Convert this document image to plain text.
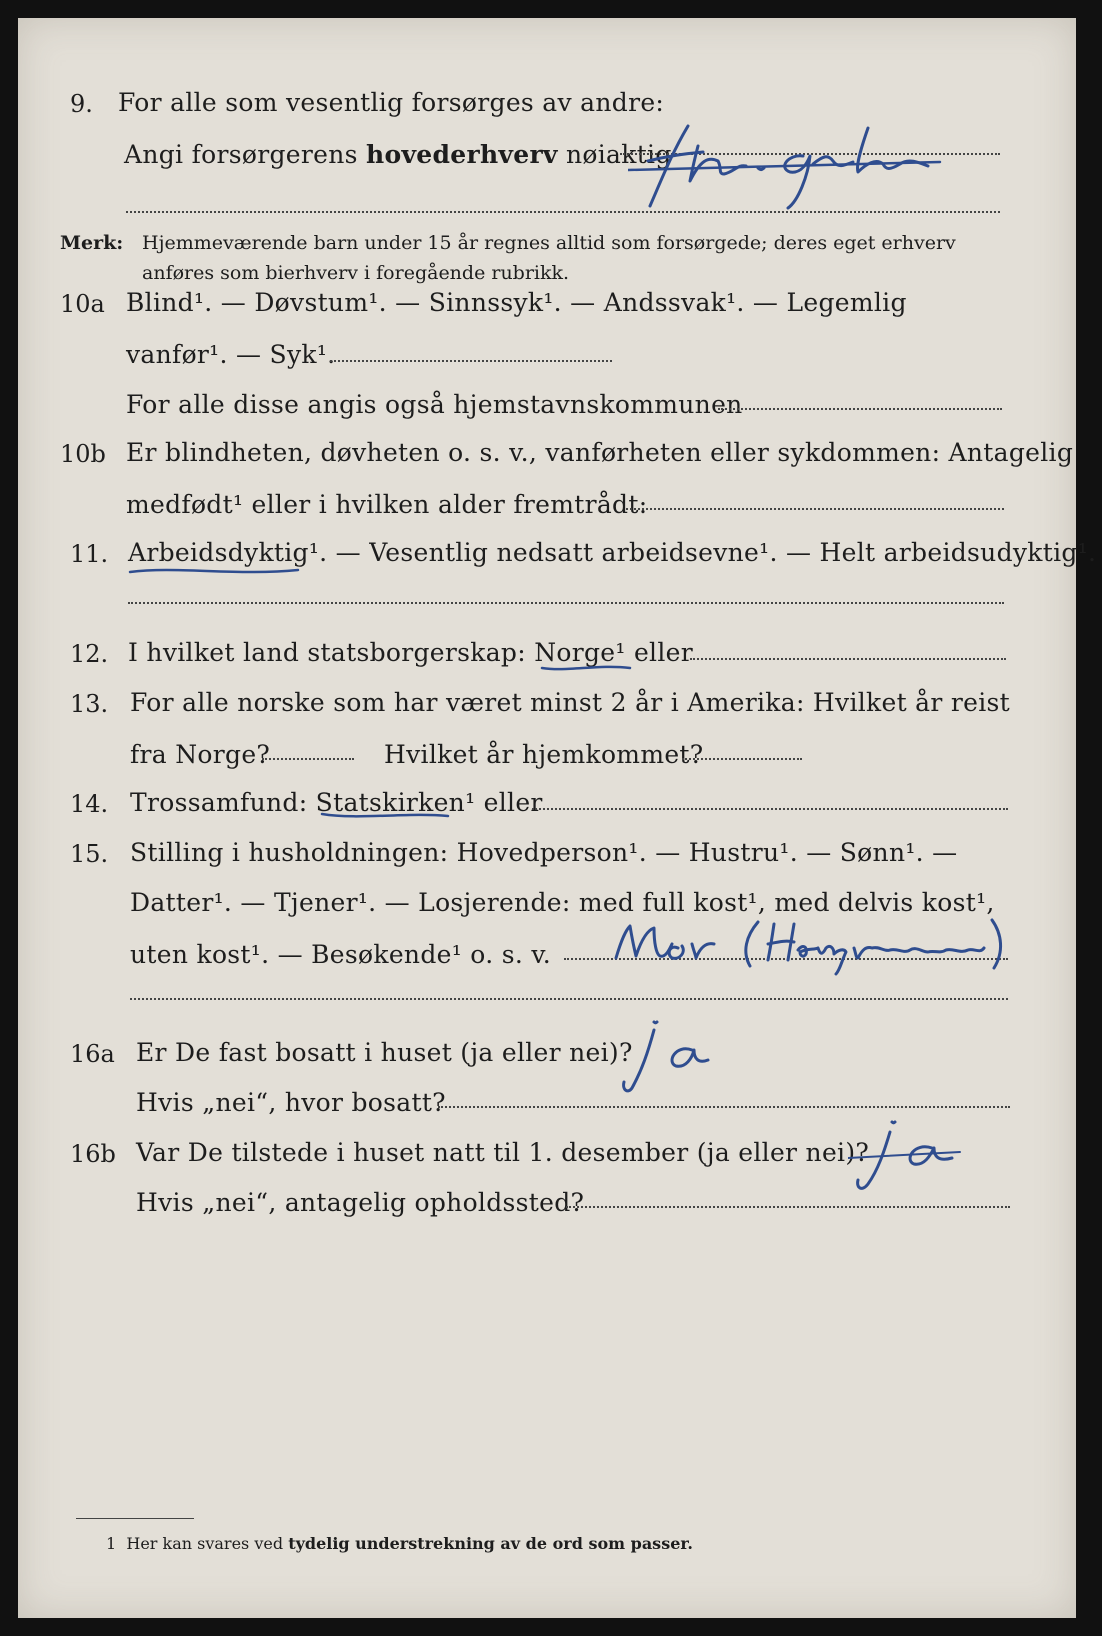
9. For alle som vesentlig forsørges av andre:
Angi forsørgerens hovederhverv nøiaktig
Merk: Hjemmeværende barn under 15 år regnes alltid som forsørgede; deres eget erhverv
anføres som bierhverv i foregående rubrikk.
10a Blind¹. — Døvstum¹. — Sinnssyk¹. — Andssvak¹. — Legemlig
vanfør¹. — Syk¹.
For alle disse angis også hjemstavnskommunen
10b Er blindheten, døvheten o. s. v., vanførheten eller sykdommen: Antagelig
medfødt¹ eller i hvilken alder fremtrådt:
11. Arbeidsdyktig¹. — Vesentlig nedsatt arbeidsevne¹. — Helt arbeidsudyktig¹.
12. I hvilket land statsborgerskap: Norge¹ eller
13. For alle norske som har været minst 2 år i Amerika: Hvilket år reist
fra Norge?	Hvilket år hjemkommet?
14. Trossamfund: Statskirken¹ eller
15. Stilling i husholdningen: Hovedperson¹. — Hustru¹. — Sønn¹. —
Datter¹. — Tjener¹. — Losjerende: med full kost¹, med delvis kost¹,
uten kost¹. — Besøkende¹ o. s. v.
16a Er De fast bosatt i huset (ja eller nei)?
Hvis „nei“, hvor bosatt?
16b Var De tilstede i huset natt til 1. desember (ja eller nei)?
Hvis „nei“, antagelig opholdssted?
1 Her kan svares ved tydelig understrekning av de ord som passer.
